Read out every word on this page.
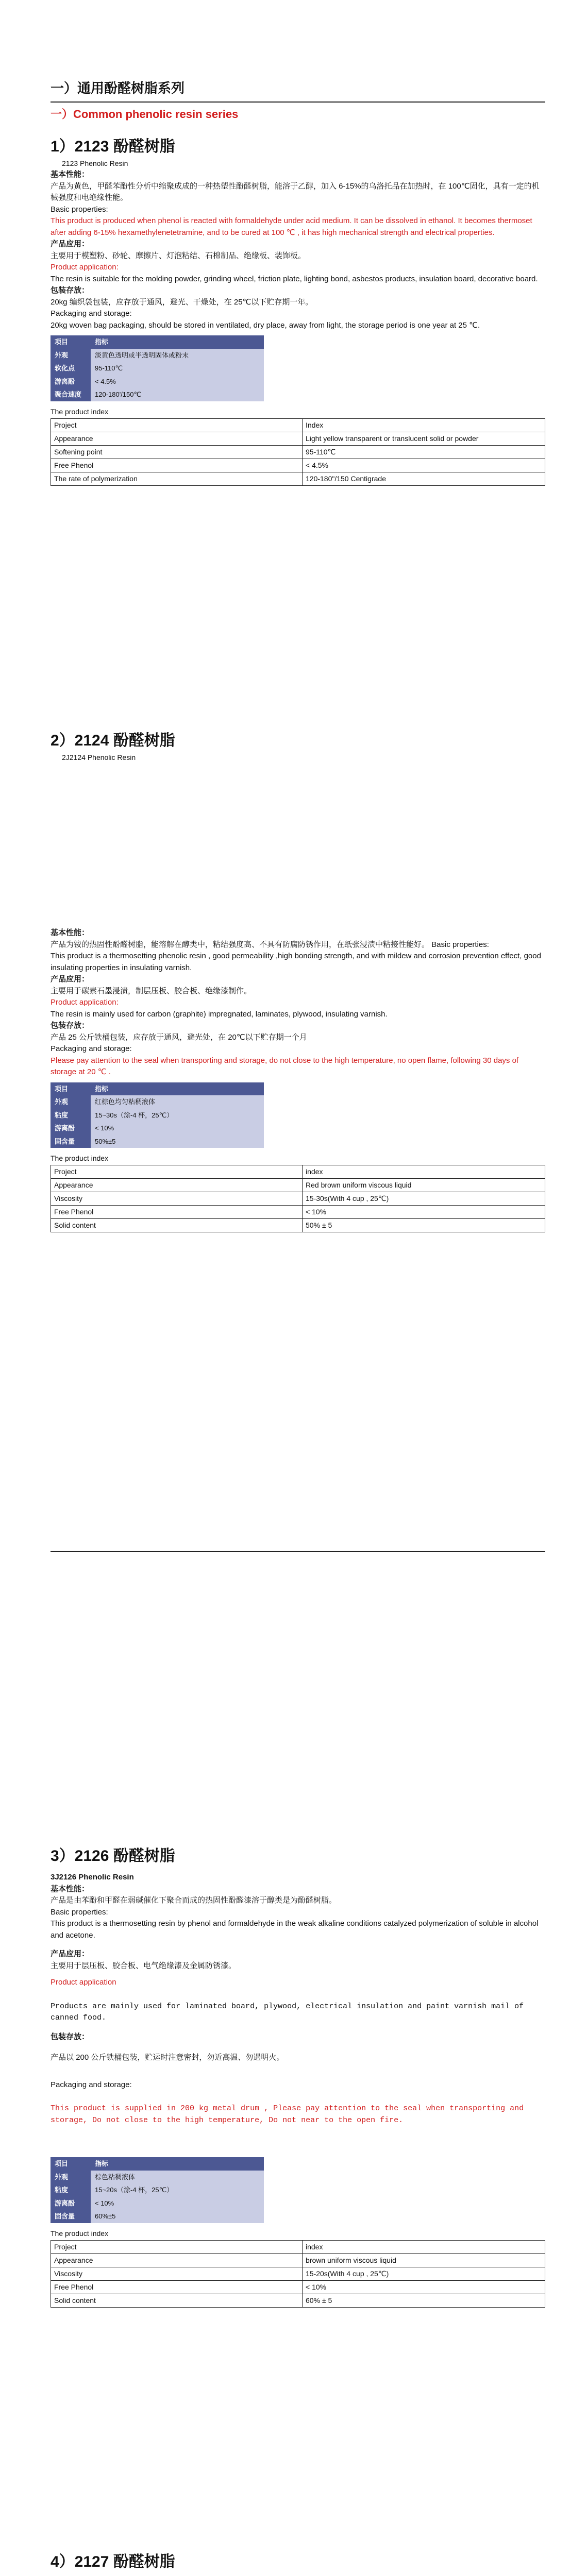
一）通用酚醛树脂系列
一）Common phenolic resin series
1）2123 酚醛树脂
2123 Phenolic Resin
基本性能：
产品为黄色，甲醛苯酚性分析中缩聚成成的一种热塑性酚醛树脂，能溶于乙醇，加入 6-15%的乌洛托品在加热时，在 100℃固化，具有一定的机械强度和电绝缘性能。
Basic properties:
This product is produced when phenol is reacted with formaldehyde under acid medium. It can be dissolved in ethanol. It becomes thermoset after adding 6-15% hexamethylenetetramine, and to be cured at 100 ℃ , it has high mechanical strength and electrical properties.
产品应用：
主要用于模塑粉、砂轮、摩擦片、灯泡粘结、石棉制品、绝缘板、装饰板。
Product application:
The resin is suitable for the molding powder, grinding wheel, friction plate, lighting bond, asbestos products, insulation board, decorative board.
包装存放：
20kg 编织袋包装，应存放于通风，避光、干燥处，在 25℃以下贮存期一年。
Packaging and storage:
20kg woven bag packaging, should be stored in ventilated, dry place, away from light, the storage period is one year at 25 ℃.
项目	指标
外观	淡黄色透明或半透明固体或粉末
软化点	95-110℃
游离酚	< 4.5%
聚合速度	120-180'/150℃
The product index
Project	Index
Appearance	Light yellow transparent or translucent solid or powder
Softening point	95-110℃
Free Phenol	< 4.5%
The rate of polymerization	120-180"/150 Centigrade
2）2124 酚醛树脂
2J2124 Phenolic Resin
基本性能：
产品为铵的热固性酚醛树脂，能溶解在醇类中，粘结强度高、不具有防腐防锈作用，在纸张浸渍中粘接性能好。 Basic properties:
This product is a thermosetting phenolic resin , good permeability ,high bonding strength, and with mildew and corrosion prevention effect, good insulating properties in insulating varnish.
产品应用：
主要用于碳素石墨浸渍，制层压板、胶合板、绝缘漆制作。
Product application:
The resin is mainly used for carbon (graphite) impregnated, laminates, plywood, insulating varnish.
包装存放：
产品 25 公斤铁桶包装，应存放于通风，避光处，在 20℃以下贮存期一个月
Packaging and storage:
Please pay attention to the seal when transporting and storage, do not close to the high temperature, no open flame, following 30 days of storage at 20 ℃ .
项目	指标
外观	红棕色均匀粘稠液体
粘度	15~30s（涂-4 杯，25℃）
游离酚	< 10%
固含量	50%±5
The product index
Project	index
Appearance	Red brown uniform viscous liquid
Viscosity	15-30s(With 4 cup , 25℃)
Free Phenol	< 10%
Solid content	50% ± 5
3）2126 酚醛树脂
3J2126 Phenolic Resin
基本性能：
产品是由苯酚和甲醛在弱碱催化下聚合而成的热固性酚醛漆溶于醇类是为酚醛树脂。
Basic properties:
This product is a thermosetting resin by phenol and formaldehyde in the weak alkaline conditions catalyzed polymerization of soluble in alcohol and acetone.
产品应用：
主要用于层压板、胶合板、电气绝缘漆及金属防锈漆。
Product application
Products are mainly used for laminated board, plywood, electrical insulation and paint varnish mail of canned food.
包装存放：
产品以 200 公斤铁桶包装，贮运时注意密封，勿近高温、勿遇明火。
Packaging and storage:
This product is supplied in 200 kg metal drum , Please pay attention to the seal when transporting and storage, Do not close to the high temperature, Do not near to the open fire.
项目	指标
外观	棕色粘稠液体
粘度	15~20s（涂-4 杯，25℃）
游离酚	< 10%
固含量	60%±5
The product index
Project	index
Appearance	brown uniform viscous liquid
Viscosity	15-20s(With 4 cup , 25℃)
Free Phenol	< 10%
Solid content	60% ± 5
4）2127 酚醛树脂
